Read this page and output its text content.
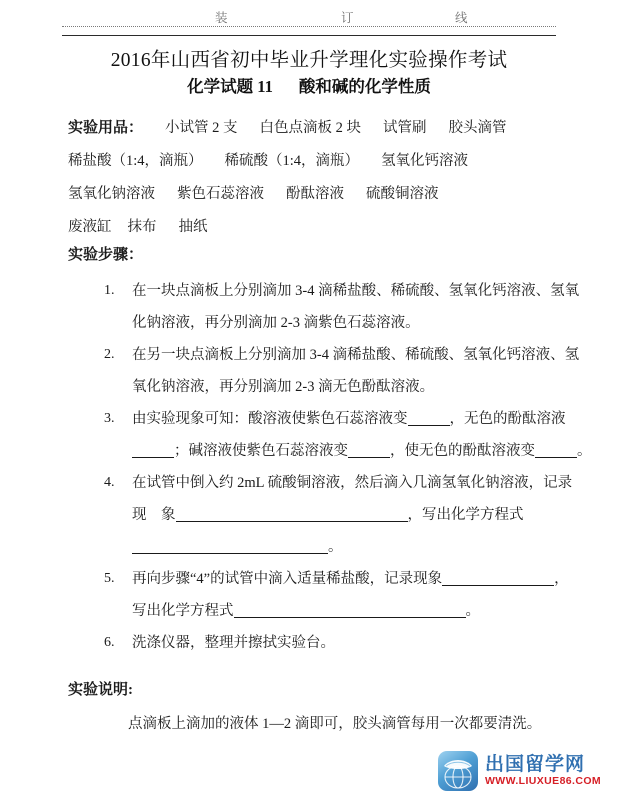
装	订	线
2016年山西省初中毕业升学理化实验操作考试
化学试题 11 酸和碱的化学性质
实验用品： 小试管 2 支 白色点滴板 2 块 试管刷 胶头滴管
稀盐酸（1:4，滴瓶） 稀硫酸（1:4，滴瓶） 氢氧化钙溶液
氢氧化钠溶液 紫色石蕊溶液 酚酞溶液 硫酸铜溶液
废液缸 抹布 抽纸
实验步骤：
1.	在一块点滴板上分别滴加 3-4 滴稀盐酸、稀硫酸、氢氧化钙溶液、氢氧
化钠溶液，再分别滴加 2-3 滴紫色石蕊溶液。
2.	在另一块点滴板上分别滴加 3-4 滴稀盐酸、稀硫酸、氢氧化钙溶液、氢
氧化钠溶液，再分别滴加 2-3 滴无色酚酞溶液。
3.	由实验现象可知：酸溶液使紫色石蕊溶液变	，无色的酚酞溶液
；碱溶液使紫色石蕊溶液变	，使无色的酚酞溶液变	。
4.	在试管中倒入约 2mL 硫酸铜溶液，然后滴入几滴氢氧化钠溶液，记录
现　象	，写出化学方程式
。
5.	再向步骤“4”的试管中滴入适量稀盐酸，记录现象	，
写出化学方程式	。
6.	洗涤仪器，整理并擦拭实验台。
实验说明:
点滴板上滴加的液体 1—2 滴即可，胶头滴管每用一次都要清洗。
出国留学网
WWW.LIUXUE86.COM
